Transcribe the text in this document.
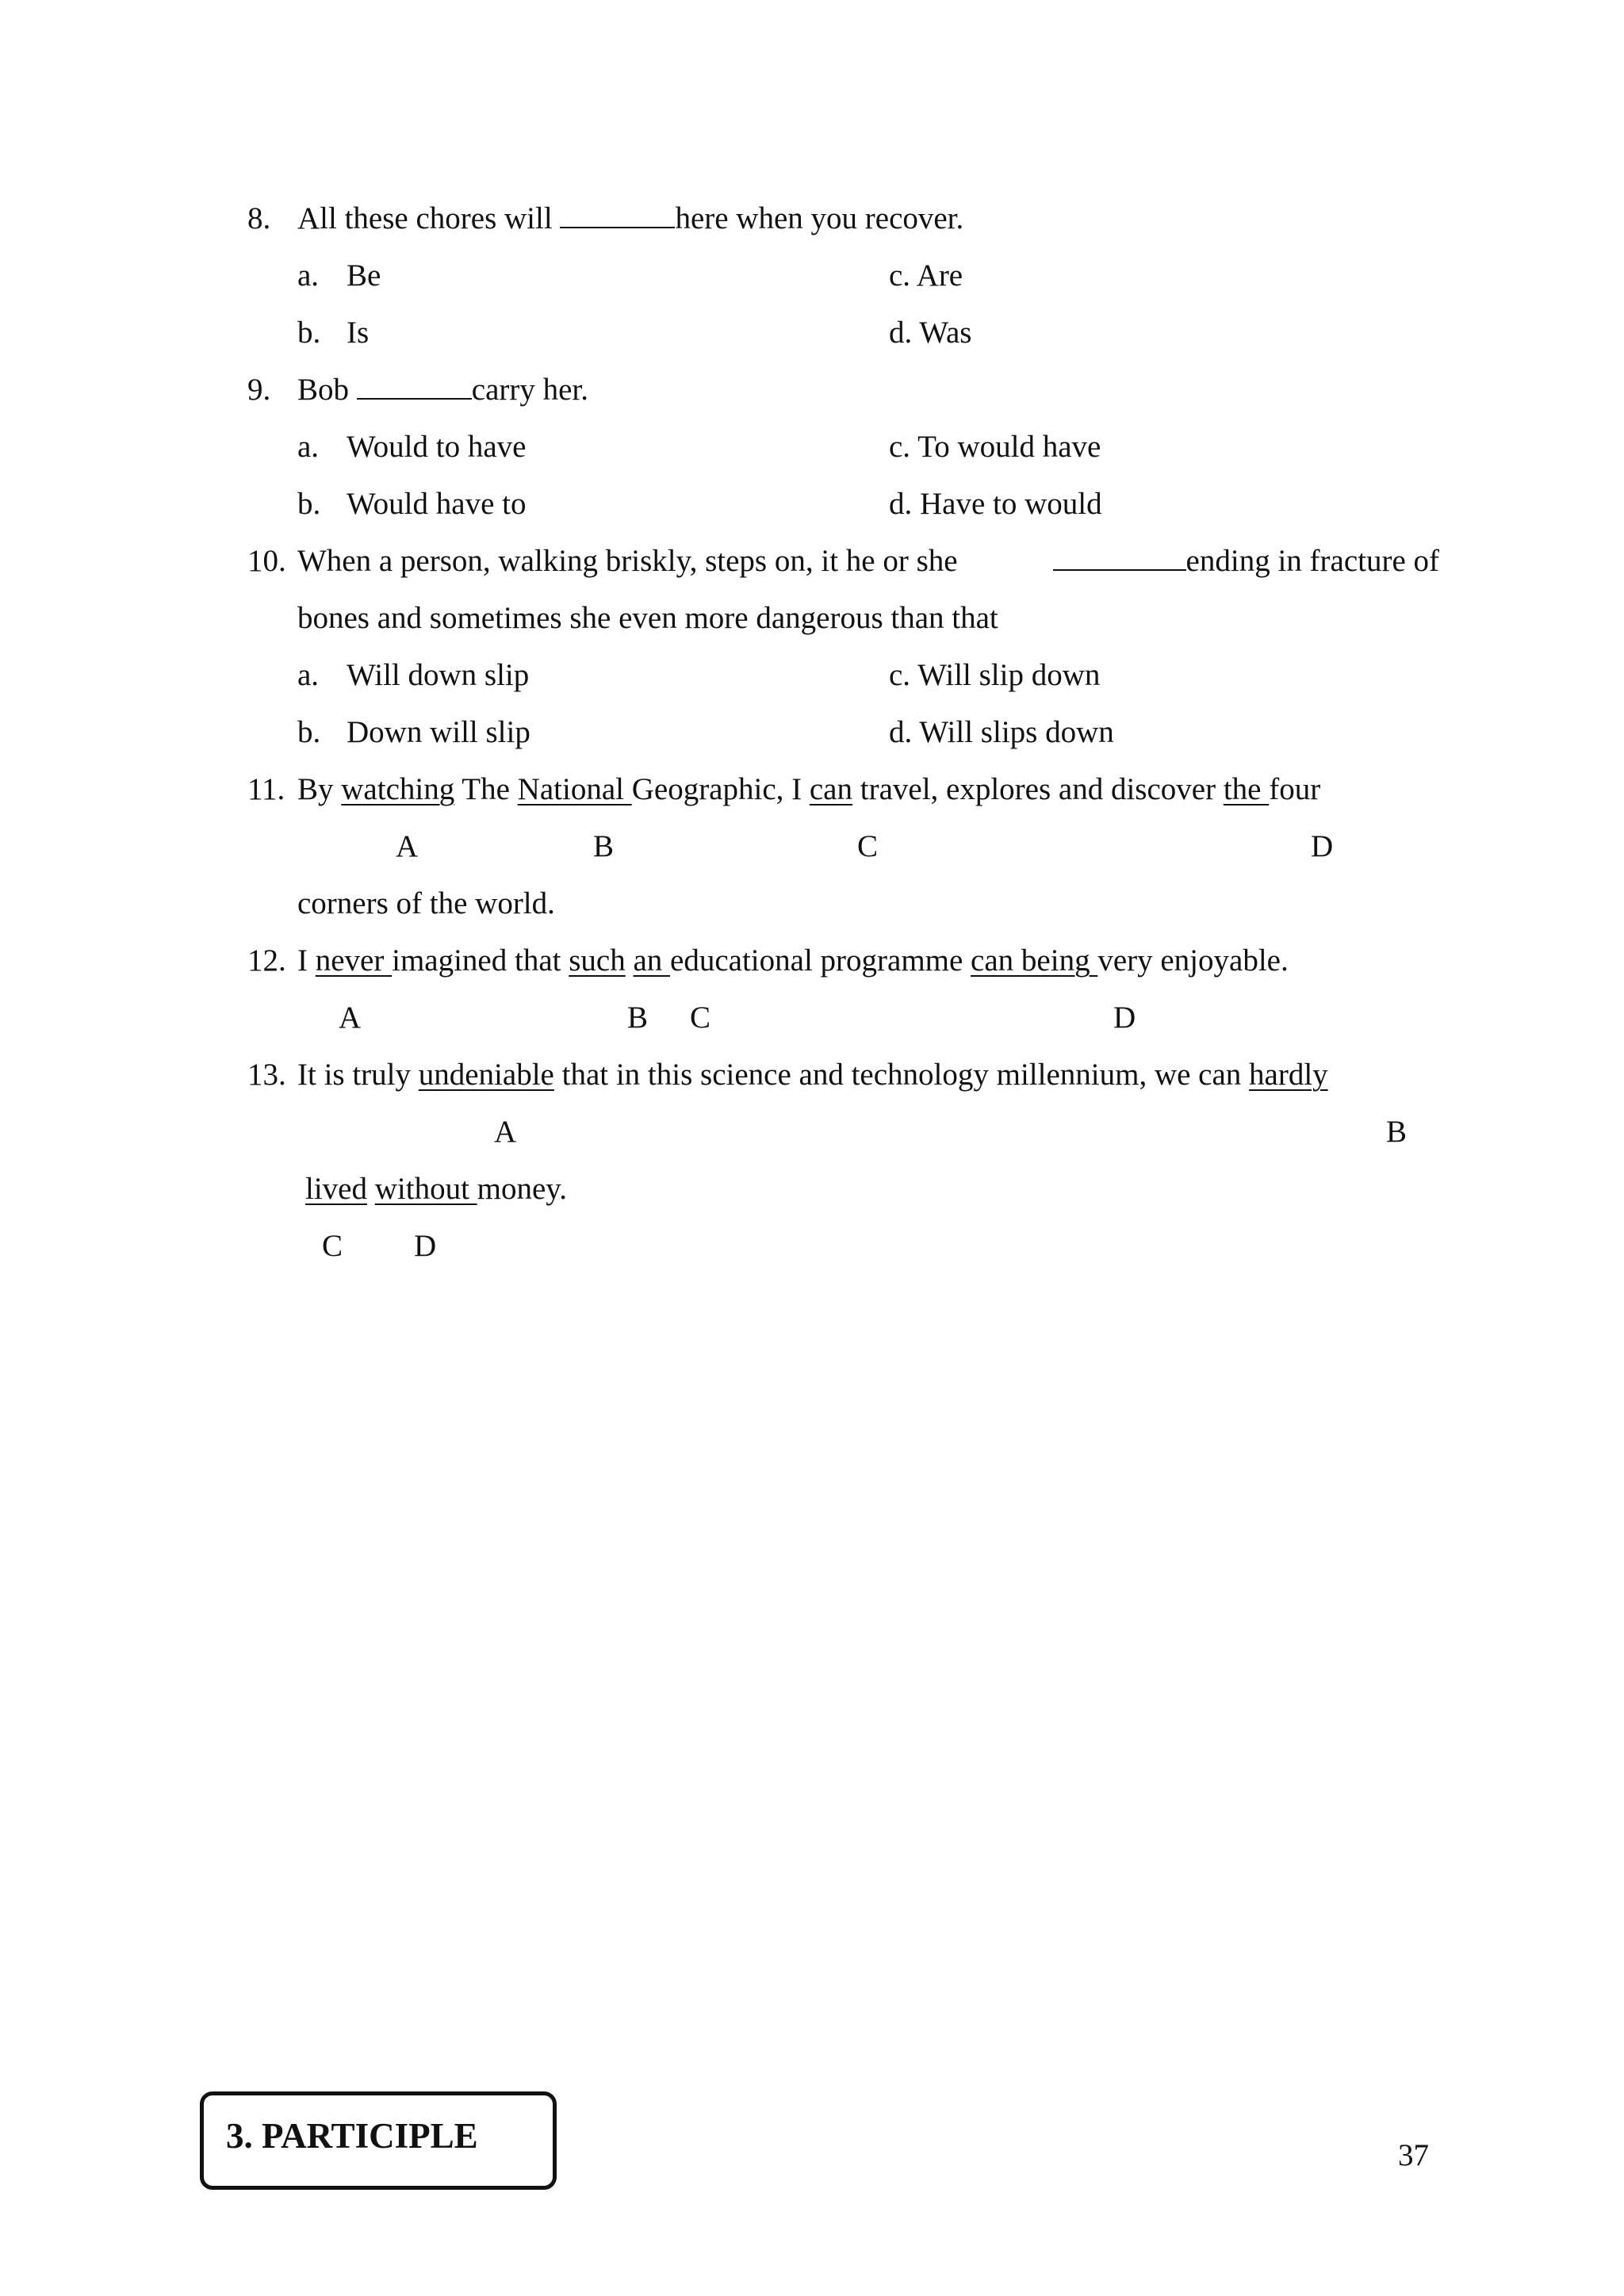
8. All these chores will	here when you recover.
a. Be	c. Are
b. Is	d. Was
9. Bob	carry her.
a. Would to have	c. To would have
b. Would have to	d. Have to would
10. When a person, walking briskly, steps on, it he or she	ending in fracture of
bones and sometimes she even more dangerous than that
a. Will down slip	c. Will slip down
b. Down will slip	d. Will slips down
11. By watching The National Geographic, I can travel, explores and discover the four
A	B	C	D
corners of the world.
12. I never imagined that such an educational programme can being very enjoyable.
A	B C	D
13. It is truly undeniable that in this science and technology millennium, we can hardly
A	B
lived without money.
C D
3. PARTICIPLE	37
